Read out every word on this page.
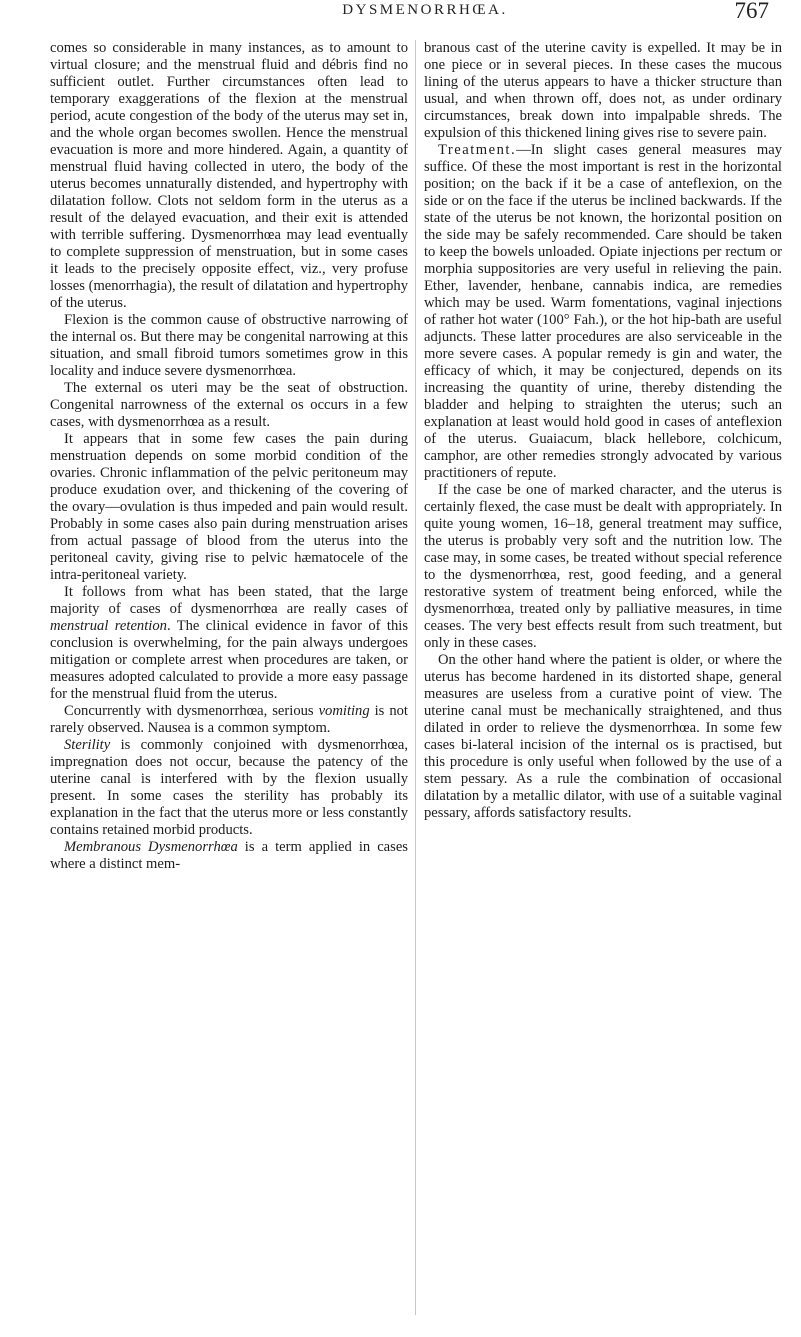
DYSMENORRHŒA.	767

comes so considerable in many instances, as to amount to virtual closure; and the menstrual fluid and débris find no sufficient outlet. Further circumstances often lead to temporary exaggerations of the flexion at the menstrual period, acute congestion of the body of the uterus may set in, and the whole organ becomes swollen. Hence the menstrual evacuation is more and more hindered. Again, a quantity of menstrual fluid having collected in utero, the body of the uterus becomes unnaturally distended, and hypertrophy with dilatation follow. Clots not seldom form in the uterus as a result of the delayed evacuation, and their exit is attended with terrible suffering. Dysmenorrhœa may lead eventually to complete suppression of menstruation, but in some cases it leads to the precisely opposite effect, viz., very profuse losses (menorrhagia), the result of dilatation and hypertrophy of the uterus.

Flexion is the common cause of obstructive narrowing of the internal os. But there may be congenital narrowing at this situation, and small fibroid tumors sometimes grow in this locality and induce severe dysmenorrhœa.

The external os uteri may be the seat of obstruction. Congenital narrowness of the external os occurs in a few cases, with dysmenorrhœa as a result.

It appears that in some few cases the pain during menstruation depends on some morbid condition of the ovaries. Chronic inflammation of the pelvic peritoneum may produce exudation over, and thickening of the covering of the ovary—ovulation is thus impeded and pain would result. Probably in some cases also pain during menstruation arises from actual passage of blood from the uterus into the peritoneal cavity, giving rise to pelvic hæmatocele of the intra-peritoneal variety.

It follows from what has been stated, that the large majority of cases of dysmenorrhœa are really cases of menstrual retention. The clinical evidence in favor of this conclusion is overwhelming, for the pain always undergoes mitigation or complete arrest when procedures are taken, or measures adopted calculated to provide a more easy passage for the menstrual fluid from the uterus.

Concurrently with dysmenorrhœa, serious vomiting is not rarely observed. Nausea is a common symptom.

Sterility is commonly conjoined with dysmenorrhœa, impregnation does not occur, because the patency of the uterine canal is interfered with by the flexion usually present. In some cases the sterility has probably its explanation in the fact that the uterus more or less constantly contains retained morbid products.

Membranous Dysmenorrhœa is a term applied in cases where a distinct mem-

branous cast of the uterine cavity is expelled. It may be in one piece or in several pieces. In these cases the mucous lining of the uterus appears to have a thicker structure than usual, and when thrown off, does not, as under ordinary circumstances, break down into impalpable shreds. The expulsion of this thickened lining gives rise to severe pain.

Treatment.—In slight cases general measures may suffice. Of these the most important is rest in the horizontal position; on the back if it be a case of anteflexion, on the side or on the face if the uterus be inclined backwards. If the state of the uterus be not known, the horizontal position on the side may be safely recommended. Care should be taken to keep the bowels unloaded. Opiate injections per rectum or morphia suppositories are very useful in relieving the pain. Ether, lavender, henbane, cannabis indica, are remedies which may be used. Warm fomentations, vaginal injections of rather hot water (100° Fah.), or the hot hip-bath are useful adjuncts. These latter procedures are also serviceable in the more severe cases. A popular remedy is gin and water, the efficacy of which, it may be conjectured, depends on its increasing the quantity of urine, thereby distending the bladder and helping to straighten the uterus; such an explanation at least would hold good in cases of anteflexion of the uterus. Guaiacum, black hellebore, colchicum, camphor, are other remedies strongly advocated by various practitioners of repute.

If the case be one of marked character, and the uterus is certainly flexed, the case must be dealt with appropriately. In quite young women, 16–18, general treatment may suffice, the uterus is probably very soft and the nutrition low. The case may, in some cases, be treated without special reference to the dysmenorrhœa, rest, good feeding, and a general restorative system of treatment being enforced, while the dysmenorrhœa, treated only by palliative measures, in time ceases. The very best effects result from such treatment, but only in these cases.

On the other hand where the patient is older, or where the uterus has become hardened in its distorted shape, general measures are useless from a curative point of view. The uterine canal must be mechanically straightened, and thus dilated in order to relieve the dysmenorrhœa. In some few cases bi-lateral incision of the internal os is practised, but this procedure is only useful when followed by the use of a stem pessary. As a rule the combination of occasional dilatation by a metallic dilator, with use of a suitable vaginal pessary, affords satisfactory results.
